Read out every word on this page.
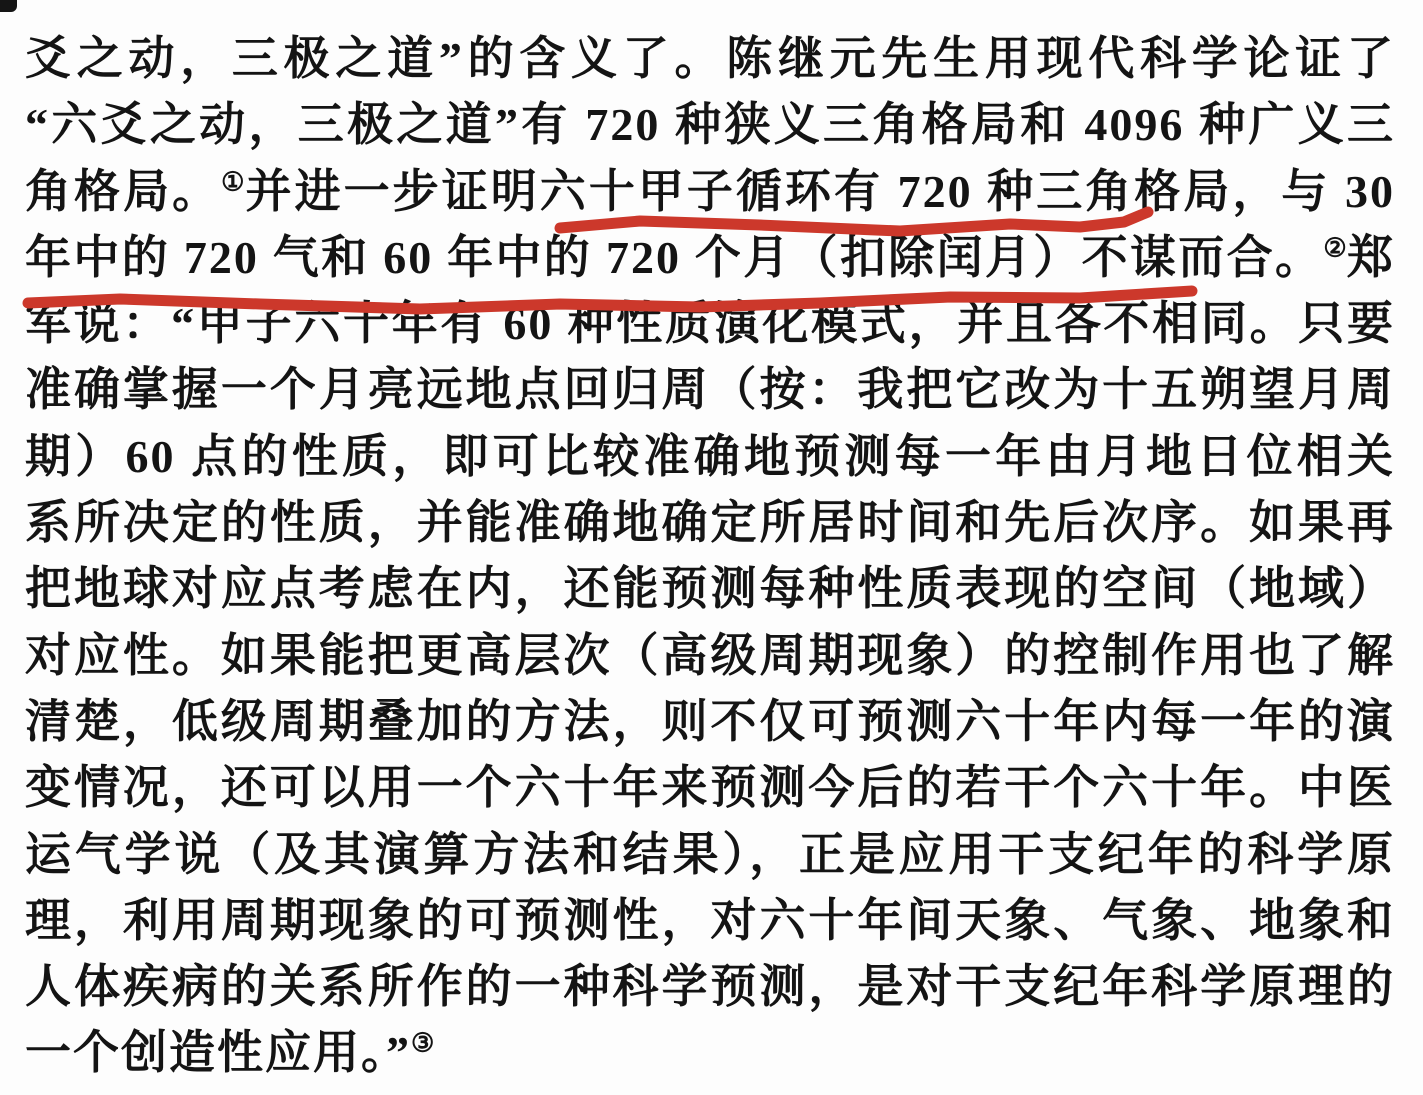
爻之动，三极之道”的含义了。陈继元先生用现代科学论证了
“六爻之动，三极之道”有 720 种狭义三角格局和 4096 种广义三
角格局。①并进一步证明六十甲子循环有 720 种三角格局，与 30
年中的 720 气和 60 年中的 720 个月（扣除闰月）不谋而合。②郑
军说：“甲子六十年有 60 种性质演化模式，并且各不相同。只要
准确掌握一个月亮远地点回归周（按：我把它改为十五朔望月周
期）60 点的性质，即可比较准确地预测每一年由月地日位相关
系所决定的性质，并能准确地确定所居时间和先后次序。如果再
把地球对应点考虑在内，还能预测每种性质表现的空间（地域）
对应性。如果能把更高层次（高级周期现象）的控制作用也了解
清楚，低级周期叠加的方法，则不仅可预测六十年内每一年的演
变情况，还可以用一个六十年来预测今后的若干个六十年。中医
运气学说（及其演算方法和结果），正是应用干支纪年的科学原
理，利用周期现象的可预测性，对六十年间天象、气象、地象和
人体疾病的关系所作的一种科学预测，是对干支纪年科学原理的
一个创造性应用。”③
